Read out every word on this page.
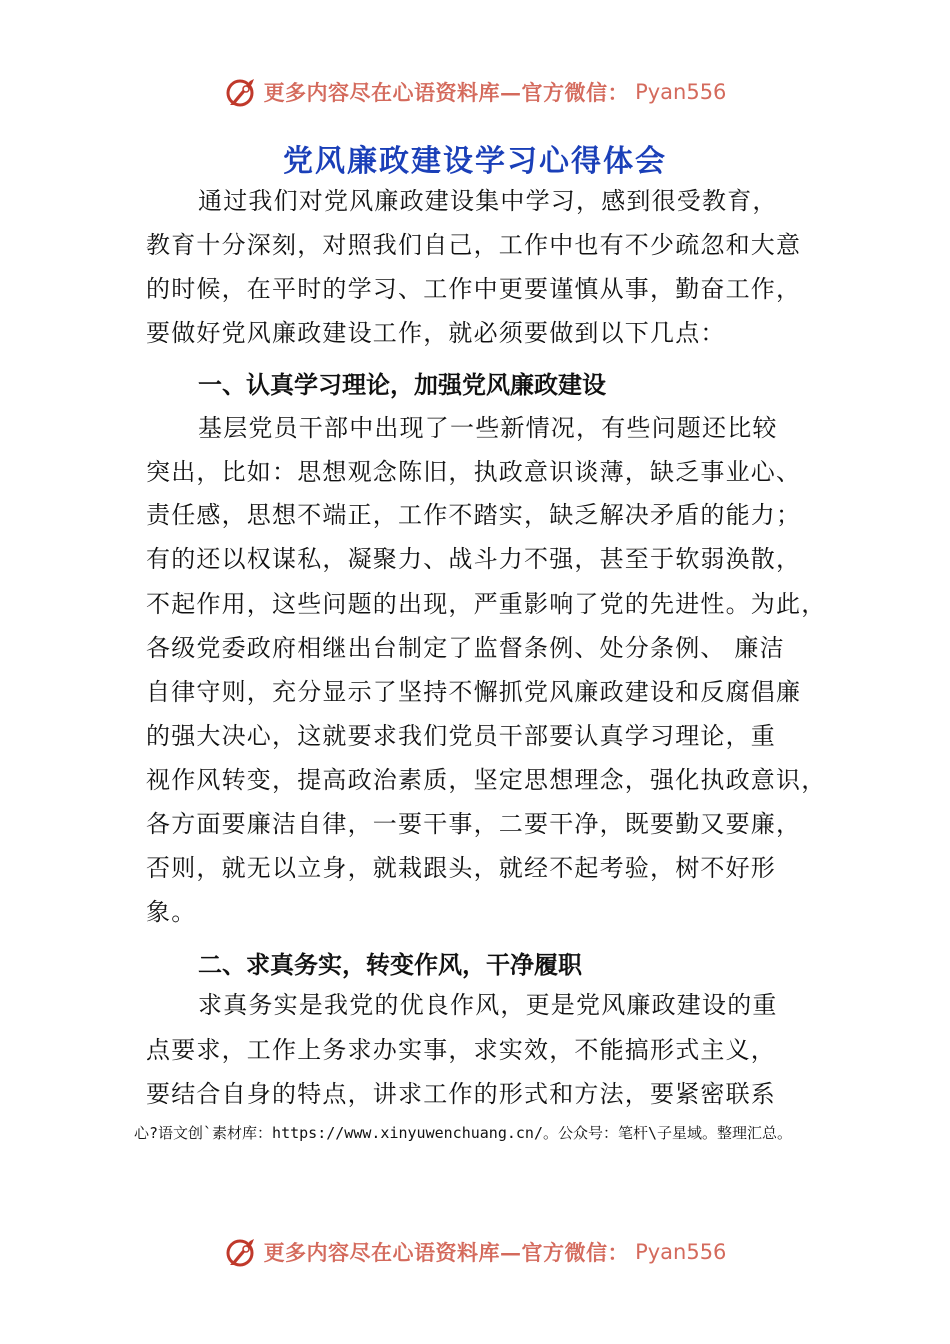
更多内容尽在心语资料库—官方微信： Pyan556
党风廉政建设学习心得体会

通过我们对党风廉政建设集中学习，感到很受教育，

教育十分深刻，对照我们自己，工作中也有不少疏忽和大意

的时候，在平时的学习、工作中更要谨慎从事，勤奋工作，

要做好党风廉政建设工作，就必须要做到以下几点：

一、认真学习理论，加强党风廉政建设

基层党员干部中出现了一些新情况，有些问题还比较

突出，比如：思想观念陈旧，执政意识谈薄，缺乏事业心、

责任感，思想不端正，工作不踏实，缺乏解决矛盾的能力；

有的还以权谋私，凝聚力、战斗力不强，甚至于软弱涣散，

不起作用，这些问题的出现，严重影响了党的先进性。为此，

各级党委政府相继出台制定了监督条例、处分条例、 廉洁

自律守则，充分显示了坚持不懈抓党风廉政建设和反腐倡廉

的强大决心，这就要求我们党员干部要认真学习理论，重

视作风转变，提高政治素质，坚定思想理念，强化执政意识，

各方面要廉洁自律，一要干事，二要干净，既要勤又要廉，

否则，就无以立身，就栽跟头，就经不起考验，树不好形

象。

二、求真务实，转变作风，干净履职

求真务实是我党的优良作风，更是党风廉政建设的重

点要求，工作上务求办实事，求实效，不能搞形式主义，

要结合自身的特点，讲求工作的形式和方法，要紧密联系

心?语文创`素材库：https://www.xinyuwenchuang.cn/。公众号：笔杆\子星域。整理汇总。

更多内容尽在心语资料库—官方微信： Pyan556
